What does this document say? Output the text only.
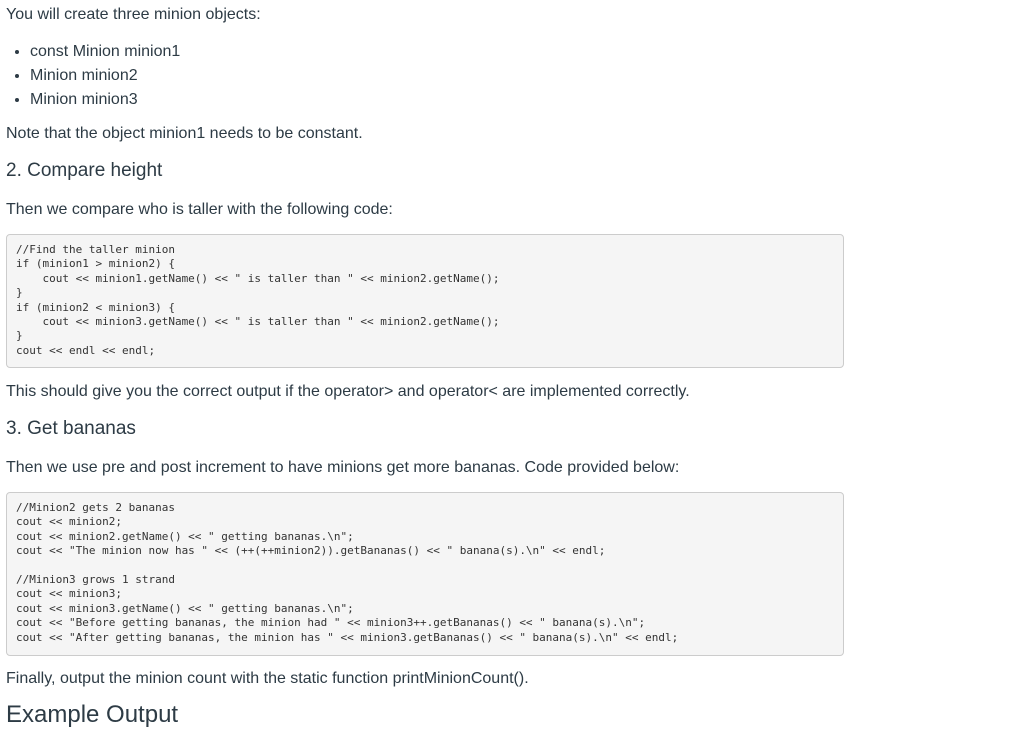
You will create three minion objects:

const Minion minion1
Minion minion2
Minion minion3

Note that the object minion1 needs to be constant.

2. Compare height

Then we compare who is taller with the following code:

//Find the taller minion
if (minion1 > minion2) {
cout << minion1.getName() << " is taller than " << minion2.getName();
}
if (minion2 < minion3) {
cout << minion3.getName() << " is taller than " << minion2.getName();
}
cout << endl << endl;

This should give you the correct output if the operator> and operator< are implemented correctly.

3. Get bananas

Then we use pre and post increment to have minions get more bananas. Code provided below:

//Minion2 gets 2 bananas
cout << minion2;
cout << minion2.getName() << " getting bananas.\n";
cout << "The minion now has " << (++(++minion2)).getBananas() << " banana(s).\n" << endl;
//Minion3 grows 1 strand
cout << minion3;
cout << minion3.getName() << " getting bananas.\n";
cout << "Before getting bananas, the minion had " << minion3++.getBananas() << " banana(s).\n";
cout << "After getting bananas, the minion has " << minion3.getBananas() << " banana(s).\n" << endl;

Finally, output the minion count with the static function printMinionCount().

Example Output
